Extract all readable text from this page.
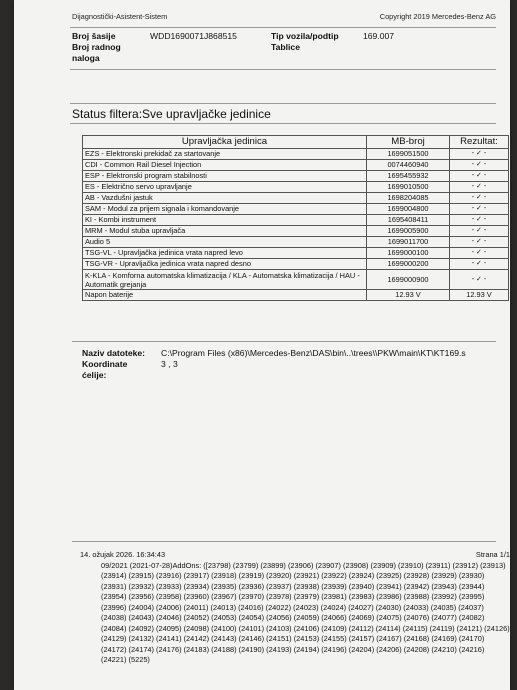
Dijagnostički-Asistent-Sistem	Copyright 2019 Mercedes-Benz AG
Broj šasije	WDD1690071J868515
Broj radnog naloga
Tip vozila/podtip	169.007
Tablice
Status filtera:Sve upravljačke jedinice
Upravljačka jedinica	MB-broj	Rezultat:
EZS - Elektronski prekidač za startovanje	1699051500	- ✓ -
CDI - Common Rail Diesel Injection	0074460940	- ✓ -
ESP - Elektronski program stabilnosti	1695455932	- ✓ -
ES - Električno servo upravljanje	1699010500	- ✓ -
AB - Vazdušni jastuk	1698204085	- ✓ -
SAM - Modul za prijem signala i komandovanje	1699004800	- ✓ -
KI - Kombi instrument	1695408411	- ✓ -
MRM - Modul stuba upravljača	1699005900	- ✓ -
Audio 5	1699011700	- ✓ -
TSG-VL - Upravljačka jedinica vrata napred levo	1699000100	- ✓ -
TSG-VR - Upravljačka jedinica vrata napred desno	1699000200	- ✓ -
K-KLA - Komforna automatska klimatizacija / KLA - Automatska klimatizacija / HAU - Automatik grejanja	1699000900	- ✓ -
Napon baterije	12.93 V	12.93 V
Naziv datoteke: C:\Program Files (x86)\Mercedes-Benz\DAS\bin\..\trees\\PKW\main\KT\KT169.s
Koordinate ćelije:3 , 3
14. ožujak 2026. 16:34:43	Strana 1/1
09/2021 (2021-07-28)AddOns: ([23798) (23799) (23899) (23906) (23907) (23908) (23909) (23910) (23911) (23912) (23913) (23914) (23915) (23916) (23917) (23918) (23919) (23920) (23921) (23922) (23924) (23925) (23928) (23929) (23930) (23931) (23932) (23933) (23934) (23935) (23936) (23937) (23938) (23939) (23940) (23941) (23942) (23943) (23944) (23954) (23956) (23958) (23960) (23967) (23970) (23978) (23979) (23981) (23983) (23986) (23988) (23992) (23995) (23996) (24004) (24006) (24011) (24013) (24016) (24022) (24023) (24024) (24027) (24030) (24033) (24035) (24037) (24038) (24043) (24046) (24052) (24053) (24054) (24056) (24059) (24066) (24069) (24075) (24076) (24077) (24082) (24084) (24092) (24095) (24098) (24100) (24101) (24103) (24106) (24109) (24112) (24114) (24115) (24119) (24121) (24126) (24129) (24132) (24141) (24142) (24143) (24146) (24151) (24153) (24155) (24157) (24167) (24168) (24169) (24170) (24172) (24174) (24176) (24183) (24188) (24190) (24193) (24194) (24196) (24204) (24206) (24208) (24210) (24216) (24221) (5225)
